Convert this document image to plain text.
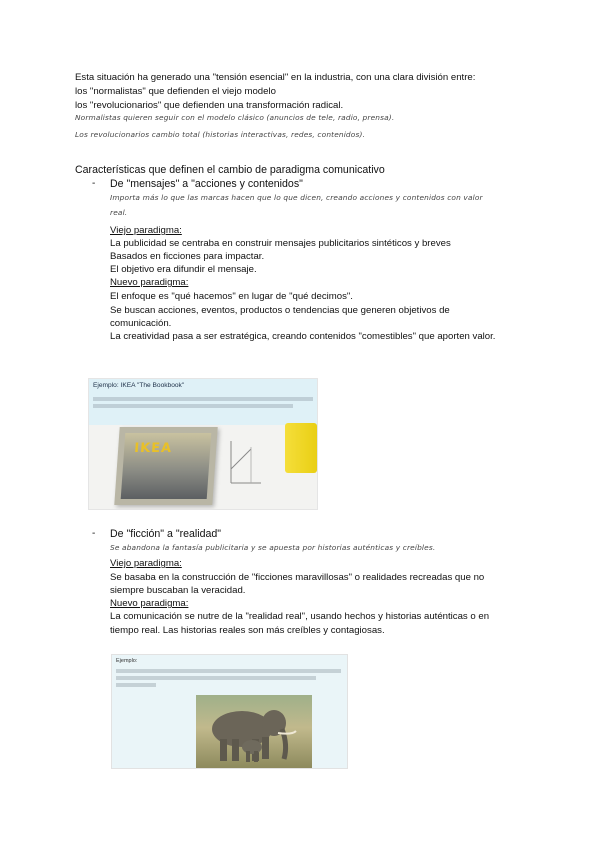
Esta situación ha generado una "tensión esencial" en la industria, con una clara división entre:
los "normalistas" que defienden el viejo modelo
los "revolucionarios" que defienden una transformación radical.
Normalistas quieren seguir con el modelo clásico (anuncios de tele, radio, prensa).
Los revolucionarios cambio total (historias interactivas, redes, contenidos).
Características que definen el cambio de paradigma comunicativo
- De "mensajes" a "acciones y contenidos"
Importa más lo que las marcas hacen que lo que dicen, creando acciones y contenidos con valor
real.
Viejo paradigma:
La publicidad se centraba en construir mensajes publicitarios sintéticos y breves
Basados en ficciones para impactar.
El objetivo era difundir el mensaje.
Nuevo paradigma:
El enfoque es "qué hacemos" en lugar de "qué decimos".
Se buscan acciones, eventos, productos o tendencias que generen objetivos de
comunicación.
La creatividad pasa a ser estratégica, creando contenidos "comestibles" que aporten valor.
Ejemplo: IKEA "The Bookbook"
IKEA
- De "ficción" a "realidad"
Se abandona la fantasía publicitaria y se apuesta por historias auténticas y creíbles.
Viejo paradigma:
Se basaba en la construcción de "ficciones maravillosas" o realidades recreadas que no
siempre buscaban la veracidad.
Nuevo paradigma:
La comunicación se nutre de la "realidad real", usando hechos y historias auténticas o en
tiempo real. Las historias reales son más creíbles y contagiosas.
Ejemplo:
